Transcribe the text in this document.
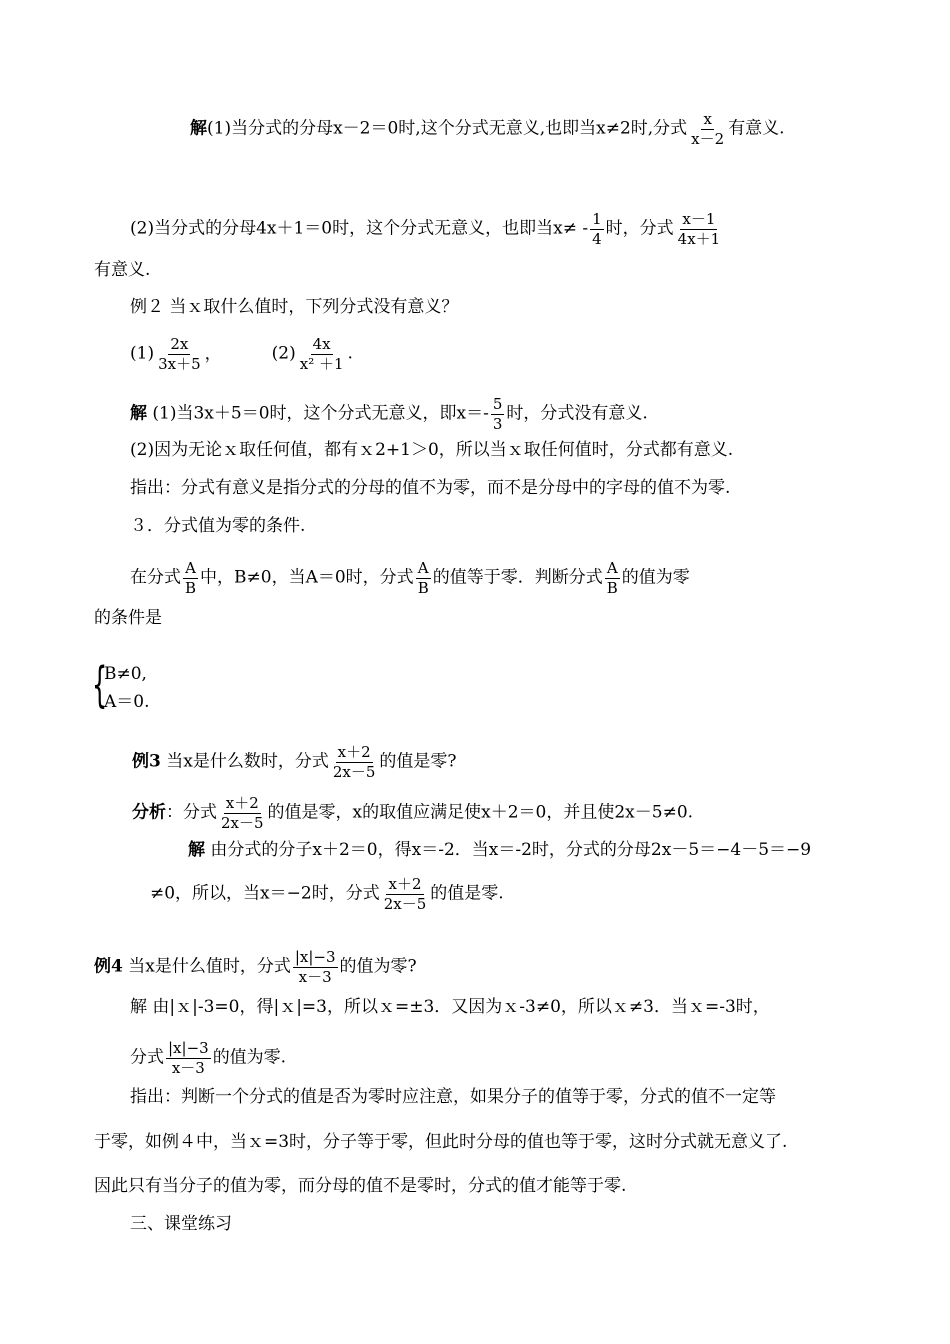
解(1)当分式的分母x－2＝0时,这个分式无意义,也即当x≠2时,分式 $\frac{x}{x-2}$ 有意义.
(2)当分式的分母4x＋1＝0时，这个分式无意义，也即当$x\ne - \frac{1}{4}$ 时，分式 $\frac{x-1}{4x+1}$
有意义.
例２ 当ｘ取什么值时，下列分式没有意义？
$(1) \frac{2x}{3x+5}$ ，	$(2) \frac{4x}{\text{x² ＋1}}$ .
解 (1)当3x＋5＝0时，这个分式无意义，即$x=- \frac{5}{3}$ 时，分式没有意义.
(2)因为无论ｘ取任何值，都有ｘ2+1＞0，所以当ｘ取任何值时，分式都有意义.
指出：分式有意义是指分式的分母的值不为零，而不是分母中的字母的值不为零.
３．分式值为零的条件.
在分式 $\frac{A}{B}$ 中，B≠0，当A＝0时，分式 $\frac{A}{B}$ 的值等于零．判断分式 $\frac{A}{B}$ 的值为零
的条件是
{
B≠0,
A＝0.
例3 当x是什么数时，分式 $\frac{x+2}{2x-5}$ 的值是零?
分析：分式 $\frac{x+2}{2x-5}$ 的值是零，x的取值应满足使x＋2＝0，并且使2x－5≠0.
解 由分式的分子x＋2＝0，得x＝-2．当x＝-2时，分式的分母2x－5＝−4－5＝−9
≠0，所以，当x＝−2时，分式 $\frac{x+2}{2x-5}$ 的值是零.
例4 当x是什么值时，分式 $\frac{|x|-3}{x-3}$ 的值为零?
解 由|ｘ|-3=0，得|ｘ|=3，所以ｘ=±3．又因为ｘ-3≠0，所以ｘ≠3．当ｘ=-3时，
分式 $\frac{|x|-3}{x-3}$ 的值为零.
指出：判断一个分式的值是否为零时应注意，如果分子的值等于零，分式的值不一定等
于零，如例４中，当ｘ=3时，分子等于零，但此时分母的值也等于零，这时分式就无意义了.
因此只有当分子的值为零，而分母的值不是零时，分式的值才能等于零.
三、课堂练习
